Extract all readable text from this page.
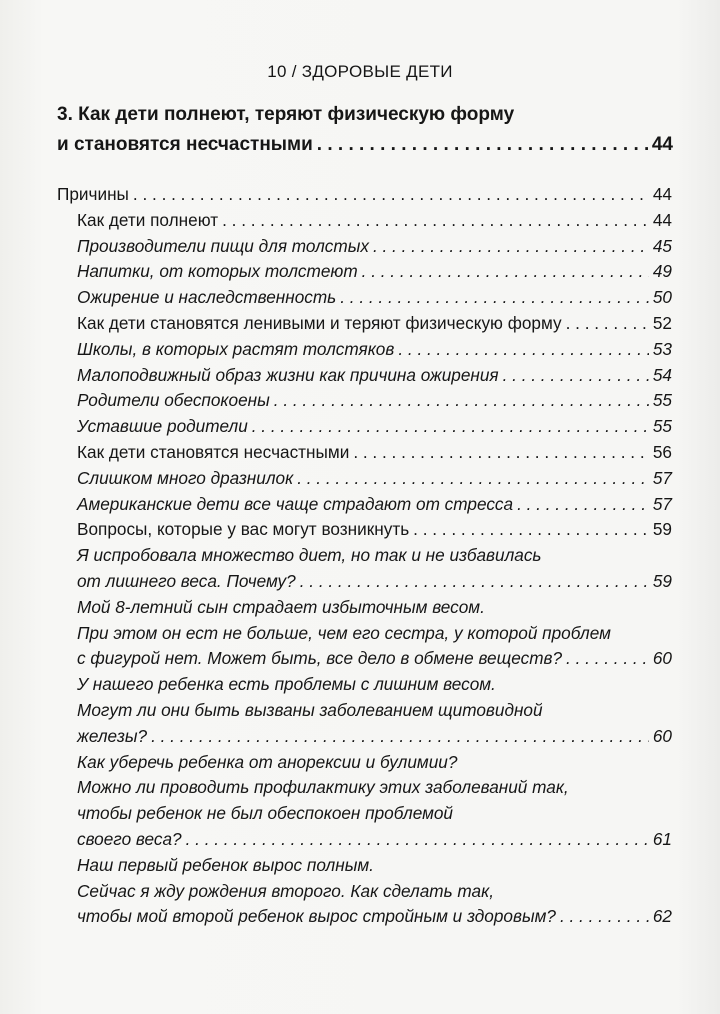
10 / ЗДОРОВЫЕ ДЕТИ
3. Как дети полнеют, теряют физическую форму
и становятся несчастными . . .	44
Причины . . .	44
Как дети полнеют . . .	44
Производители пищи для толстых . . .	45
Напитки, от которых толстеют . . .	49
Ожирение и наследственность . . .	50
Как дети становятся ленивыми и теряют физическую форму . . .	52
Школы, в которых растят толстяков . . .	53
Малоподвижный образ жизни как причина ожирения . . .	54
Родители обеспокоены . . .	55
Уставшие родители . . .	55
Как дети становятся несчастными . . .	56
Слишком много дразнилок . . .	57
Американские дети все чаще страдают от стресса . . .	57
Вопросы, которые у вас могут возникнуть . . .	59
Я испробовала множество диет, но так и не избавилась
от лишнего веса. Почему? . . .	59
Мой 8-летний сын страдает избыточным весом.
При этом он ест не больше, чем его сестра, у которой проблем
с фигурой нет. Может быть, все дело в обмене веществ? . . .	60
У нашего ребенка есть проблемы с лишним весом.
Могут ли они быть вызваны заболеванием щитовидной
железы? . . .	60
Как уберечь ребенка от анорексии и булимии?
Можно ли проводить профилактику этих заболеваний так,
чтобы ребенок не был обеспокоен проблемой
своего веса? . . .	61
Наш первый ребенок вырос полным.
Сейчас я жду рождения второго. Как сделать так,
чтобы мой второй ребенок вырос стройным и здоровым? . . .	62
